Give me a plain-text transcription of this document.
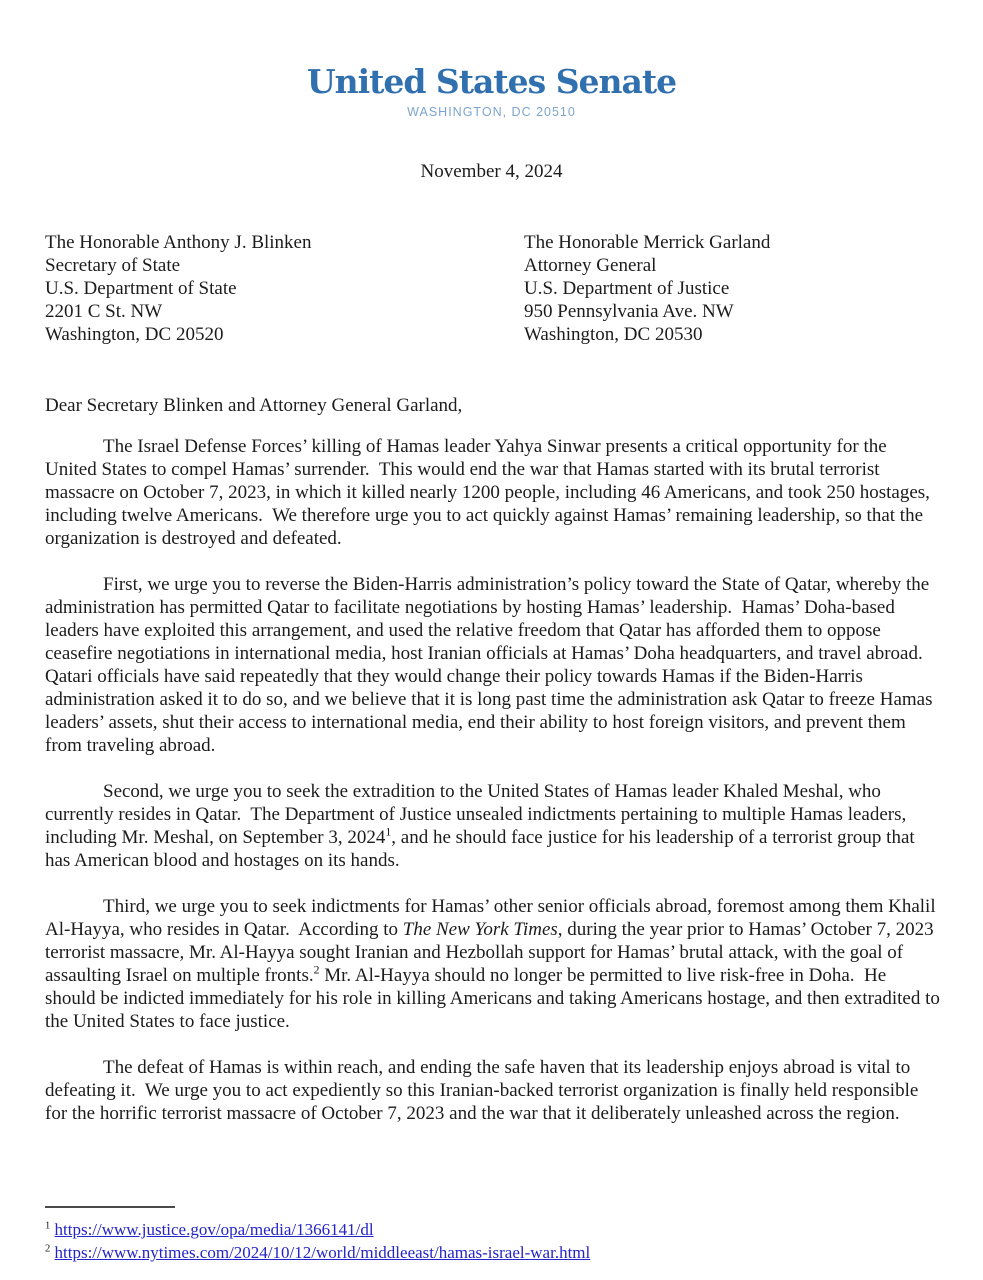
United States Senate
WASHINGTON, DC 20510
November 4, 2024
The Honorable Anthony J. Blinken
Secretary of State
U.S. Department of State
2201 C St. NW
Washington, DC 20520
The Honorable Merrick Garland
Attorney General
U.S. Department of Justice
950 Pennsylvania Ave. NW
Washington, DC 20530
Dear Secretary Blinken and Attorney General Garland,

The Israel Defense Forces’ killing of Hamas leader Yahya Sinwar presents a critical opportunity for the United States to compel Hamas’ surrender.  This would end the war that Hamas started with its brutal terrorist massacre on October 7, 2023, in which it killed nearly 1200 people, including 46 Americans, and took 250 hostages, including twelve Americans.  We therefore urge you to act quickly against Hamas’ remaining leadership, so that the organization is destroyed and defeated.

First, we urge you to reverse the Biden-Harris administration’s policy toward the State of Qatar, whereby the administration has permitted Qatar to facilitate negotiations by hosting Hamas’ leadership.  Hamas’ Doha-based leaders have exploited this arrangement, and used the relative freedom that Qatar has afforded them to oppose ceasefire negotiations in international media, host Iranian officials at Hamas’ Doha headquarters, and travel abroad.  Qatari officials have said repeatedly that they would change their policy towards Hamas if the Biden-Harris administration asked it to do so, and we believe that it is long past time the administration ask Qatar to freeze Hamas leaders’ assets, shut their access to international media, end their ability to host foreign visitors, and prevent them from traveling abroad.

Second, we urge you to seek the extradition to the United States of Hamas leader Khaled Meshal, who currently resides in Qatar.  The Department of Justice unsealed indictments pertaining to multiple Hamas leaders, including Mr. Meshal, on September 3, 2024$^1$, and he should face justice for his leadership of a terrorist group that has American blood and hostages on its hands.

Third, we urge you to seek indictments for Hamas’ other senior officials abroad, foremost among them Khalil Al-Hayya, who resides in Qatar.  According to The New York Times, during the year prior to Hamas’ October 7, 2023 terrorist massacre, Mr. Al-Hayya sought Iranian and Hezbollah support for Hamas’ brutal attack, with the goal of assaulting Israel on multiple fronts.$^2$ Mr. Al-Hayya should no longer be permitted to live risk-free in Doha.  He should be indicted immediately for his role in killing Americans and taking Americans hostage, and then extradited to the United States to face justice.

The defeat of Hamas is within reach, and ending the safe haven that its leadership enjoys abroad is vital to defeating it.  We urge you to act expediently so this Iranian-backed terrorist organization is finally held responsible for the horrific terrorist massacre of October 7, 2023 and the war that it deliberately unleashed across the region.

$^1$ https://www.justice.gov/opa/media/1366141/dl

$^2$ https://www.nytimes.com/2024/10/12/world/middleeast/hamas-israel-war.html
